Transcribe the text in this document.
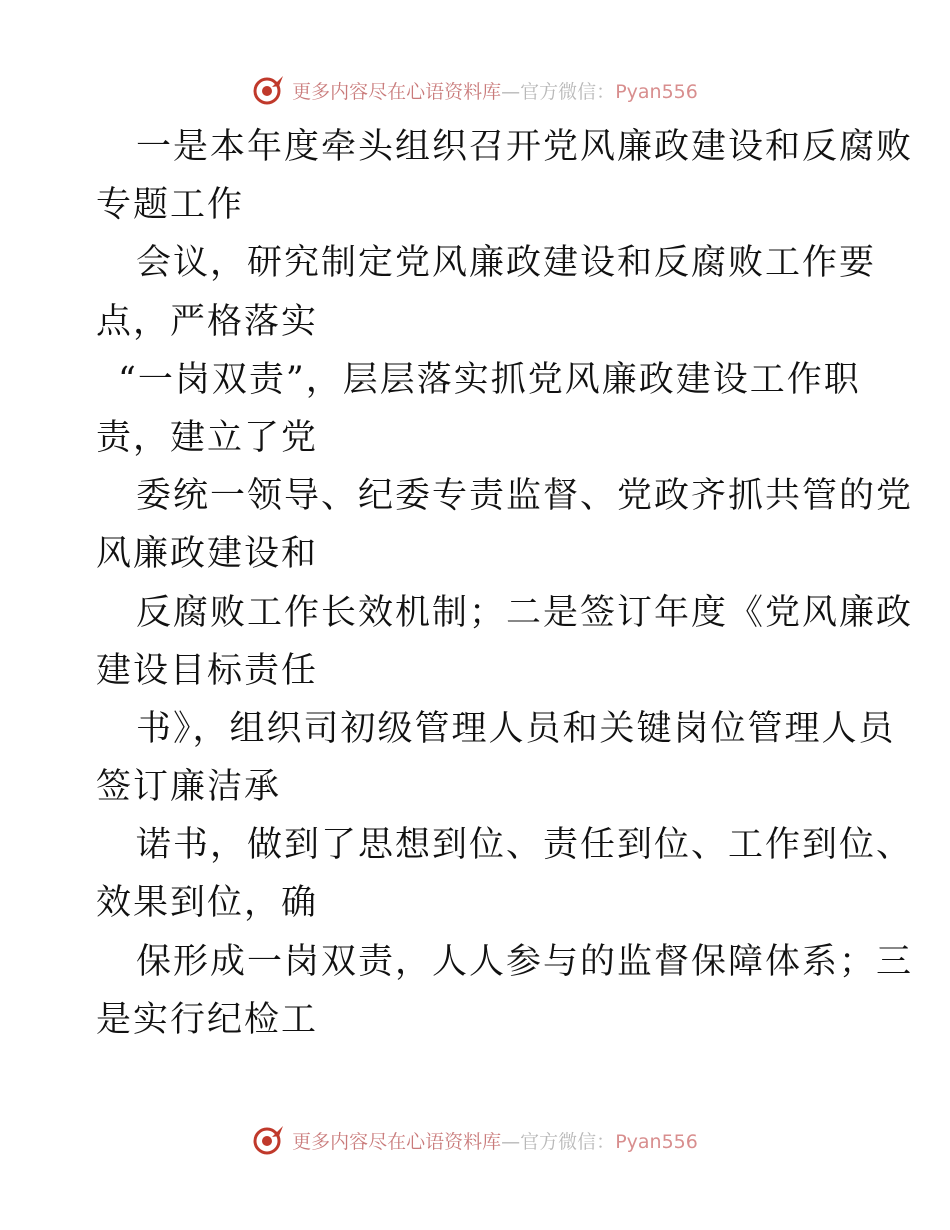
更多内容尽在心语资料库—官方微信：Pyan556
一是本年度牵头组织召开党风廉政建设和反腐败
专题工作
会议，研究制定党风廉政建设和反腐败工作要
点，严格落实
“一岗双责”，层层落实抓党风廉政建设工作职
责，建立了党
委统一领导、纪委专责监督、党政齐抓共管的党
风廉政建设和
反腐败工作长效机制；二是签订年度《党风廉政
建设目标责任
书》，组织司初级管理人员和关键岗位管理人员
签订廉洁承
诺书，做到了思想到位、责任到位、工作到位、
效果到位，确
保形成一岗双责，人人参与的监督保障体系；三
是实行纪检工
更多内容尽在心语资料库—官方微信：Pyan556
